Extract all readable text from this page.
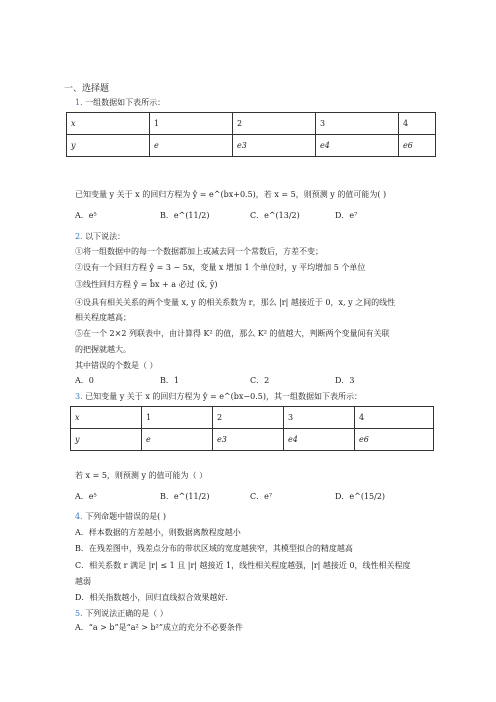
一、选择题
1. 一组数据如下表所示：
x	1	2	3	4
y	e	e3	e4	e6
已知变量 y 关于 x 的回归方程为 ŷ = e^(bx+0.5)，若 x = 5，则预测 y 的值可能为( )
A．e⁵	B．e^(11/2)	C．e^(13/2)	D．e⁷
2. 以下说法：
①将一组数据中的每一个数据都加上或减去同一个常数后，方差不变；
②设有一个回归方程 ŷ = 3 − 5x，变量 x 增加 1 个单位时，y 平均增加 5 个单位
③线性回归方程 ŷ = b̂x + a 必过 (x̄, ȳ)
④设具有相关关系的两个变量 x, y 的相关系数为 r，那么 |r| 越接近于 0，x, y 之间的线性
相关程度越高；
⑤在一个 2×2 列联表中，由计算得 K² 的值，那么 K² 的值越大，判断两个变量间有关联
的把握就越大。
其中错误的个数是（ ）
A．0	B．1	C．2	D．3
3. 已知变量 y 关于 x 的回归方程为 ŷ = e^(bx−0.5)，其一组数据如下表所示：
x	1	2	3	4
y	e	e3	e4	e6
若 x = 5，则预测 y 的值可能为（ ）
A．e⁵	B．e^(11/2)	C．e⁷	D．e^(15/2)
4. 下列命题中错误的是( )
A．样本数据的方差越小，则数据离散程度越小
B．在残差图中，残差点分布的带状区域的宽度越狭窄，其模型拟合的精度越高
C．相关系数 r 满足 |r| ≤ 1 且 |r| 越接近 1，线性相关程度越强，|r| 越接近 0，线性相关程度
越弱
D．相关指数越小，回归直线拟合效果越好.
5. 下列说法正确的是（ ）
A．“a > b”是“a² > b²”成立的充分不必要条件
